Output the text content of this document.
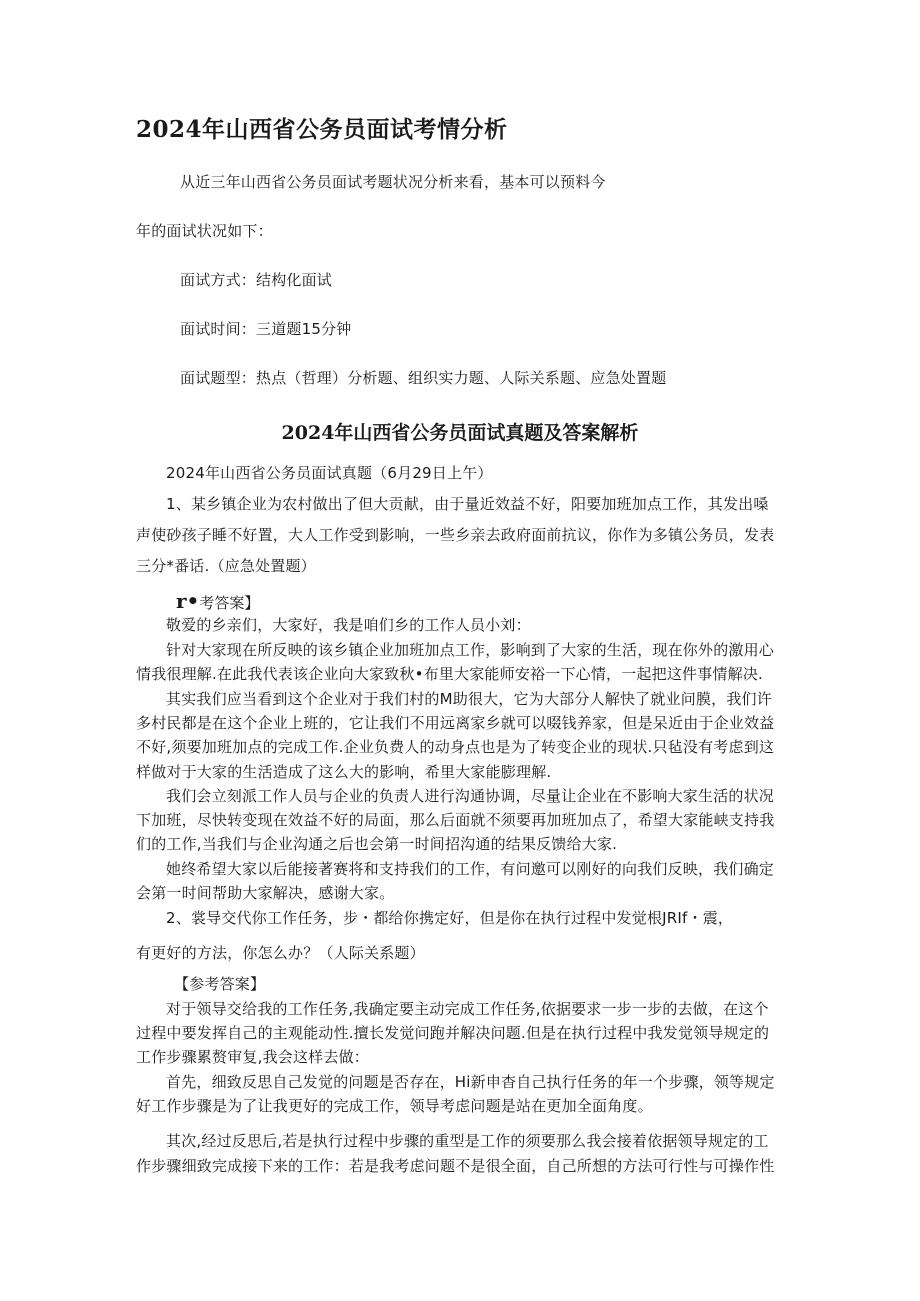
2024年山西省公务员面试考情分析
从近三年山西省公务员面试考题状况分析来看，基本可以预料今
年的面试状况如下：
面试方式：结构化面试
面试时间：三道题15分钟
面试题型：热点（哲理）分析题、组织实力题、人际关系题、应急处置题
2024年山西省公务员面试真题及答案解析
2024年山西省公务员面试真题（6月29日上午）
1、某乡镇企业为农村做出了但大贡献，由于量近效益不好，阳要加班加点工作，其发出嗓
声使砂孩子睡不好置，大人工作受到影响，一些乡亲去政府面前抗议，你作为多镇公务员，发表
三分*番话.（应急处置题）
r•考答案】
敬爱的乡亲们，大家好，我是咱们乡的工作人员小刘：
针对大家现在所反映的该乡镇企业加班加点工作，影响到了大家的生活，现在你外的激用心
情我很理解.在此我代表该企业向大家致秋•布里大家能师安裕一下心情，一起把这件事情解决.
其实我们应当看到这个企业对于我们村的M助很大，它为大部分人解快了就业问膜，我们许
多村民都是在这个企业上班的，它让我们不用远离家乡就可以啜钱养家，但是呆近由于企业效益
不好,须要加班加点的完成工作.企业负费人的动身点也是为了转变企业的现状.只毡没有考虑到这
样做对于大家的生活造成了这么大的影响，希里大家能膨理解.
我们会立刻派工作人员与企业的负责人进行沟通协调，尽量让企业在不影响大家生活的状况
下加班，尽快转变现在效益不好的局面，那么后面就不须要再加班加点了，希望大家能峡支持我
们的工作,当我们与企业沟通之后也会第一时间招沟通的结果反馈给大家.
她终希望大家以后能接著赛将和支持我们的工作，有问邀可以刚好的向我们反映，我们确定
会第一时间帮助大家解决，感谢大家。
2、裳导交代你工作任务，步・都给你携定好，但是你在执行过程中发觉根JRIf・震，
有更好的方法，你怎么办？（人际关系题）
【参考答案】
对于领导交给我的工作任务,我确定要主动完成工作任务,依据要求一步一步的去做，在这个
过程中要发挥自己的主观能动性.擅长发觉问跑并解决问题.但是在执行过程中我发觉领导规定的
工作步骤累赘审复,我会这样去做：
首先，细致反思自己发觉的问题是否存在，Hi新申杳自己执行任务的年一个步骤，领等规定
好工作步骤是为了让我更好的完成工作，领导考虑问题是站在更加全面角度。
其次,经过反思后,若是执行过程中步骤的重型是工作的须要那么我会接着依据领导规定的工
作步骤细致完成接下来的工作：若是我考虑问题不是很全面，自己所想的方法可行性与可操作性
